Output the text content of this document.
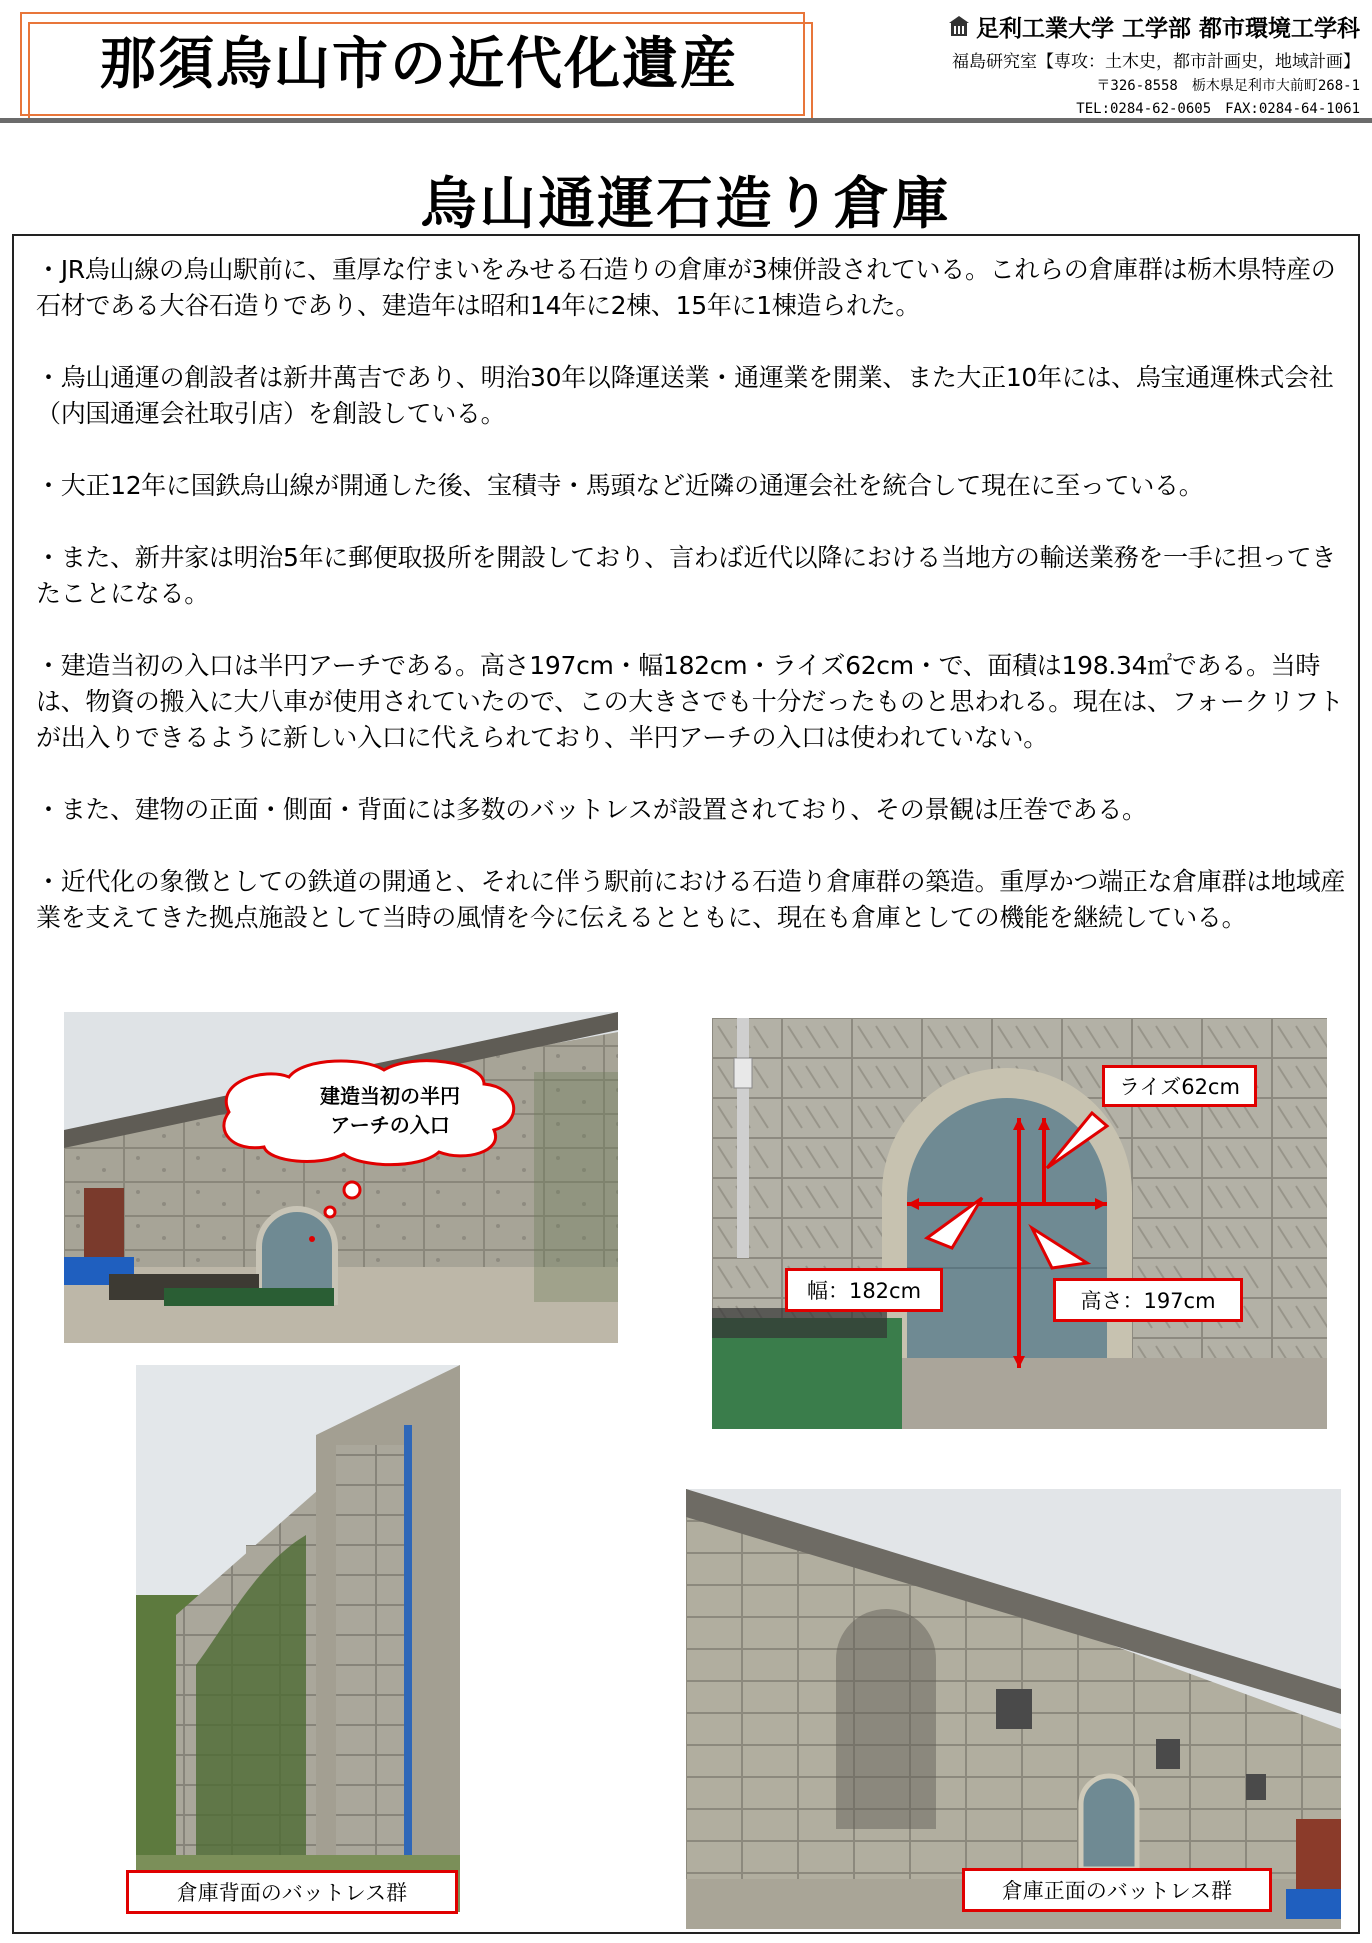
那須烏山市の近代化遺産
足利工業大学 工学部 都市環境工学科
福島研究室【専攻：土木史，都市計画史，地域計画】
〒326-8558　栃木県足利市大前町268-1
TEL:0284-62-0605　FAX:0284-64-1061
烏山通運石造り倉庫

・JR烏山線の烏山駅前に、重厚な佇まいをみせる石造りの倉庫が3棟併設されている。これらの倉庫群は栃木県特産の石材である大谷石造りであり、建造年は昭和14年に2棟、15年に1棟造られた。

・烏山通運の創設者は新井萬吉であり、明治30年以降運送業・通運業を開業、また大正10年には、烏宝通運株式会社（内国通運会社取引店）を創設している。

・大正12年に国鉄烏山線が開通した後、宝積寺・馬頭など近隣の通運会社を統合して現在に至っている。

・また、新井家は明治5年に郵便取扱所を開設しており、言わば近代以降における当地方の輸送業務を一手に担ってきたことになる。

・建造当初の入口は半円アーチである。高さ197cm・幅182cm・ライズ62cm・で、面積は198.34㎡である。当時は、物資の搬入に大八車が使用されていたので、この大きさでも十分だったものと思われる。現在は、フォークリフトが出入りできるように新しい入口に代えられており、半円アーチの入口は使われていない。

・また、建物の正面・側面・背面には多数のバットレスが設置されており、その景観は圧巻である。

・近代化の象徴としての鉄道の開通と、それに伴う駅前における石造り倉庫群の築造。重厚かつ端正な倉庫群は地域産業を支えてきた拠点施設として当時の風情を今に伝えるとともに、現在も倉庫としての機能を継続している。

建造当初の半円
アーチの入口
ライズ62cm
幅：182cm	高さ：197cm
倉庫背面のバットレス群	倉庫正面のバットレス群
